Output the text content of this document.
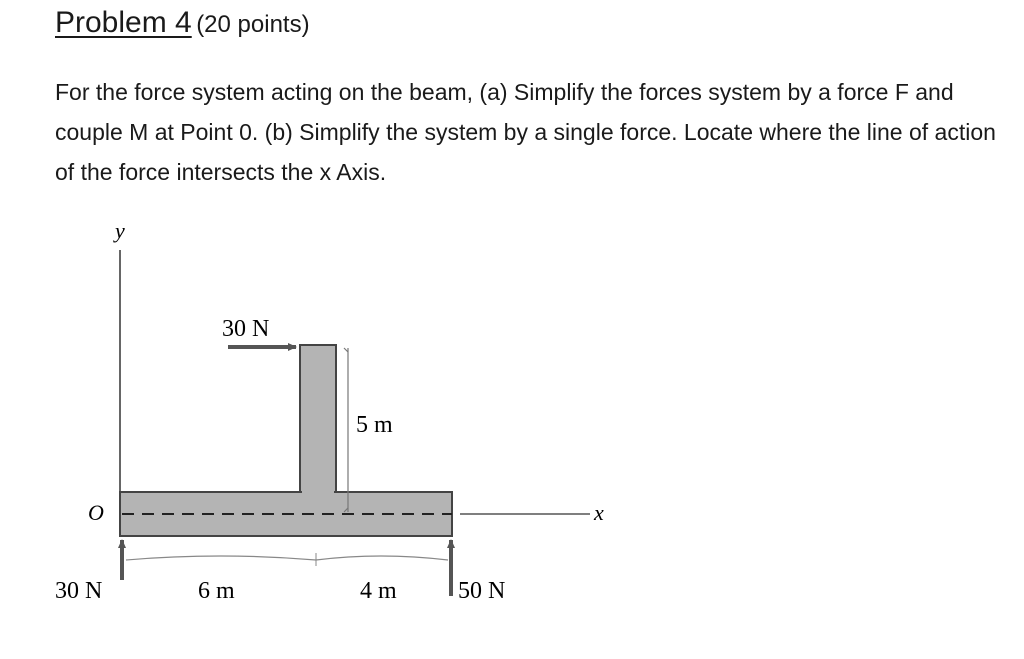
Problem 4 (20 points)

For the force system acting on the beam, (a) Simplify the forces system by a force F and couple M at Point 0. (b) Simplify the system by a single force. Locate where the line of action of the force intersects the x Axis.

y
x
O
30 N
5 m
30 N	50 N
6 m	4 m
